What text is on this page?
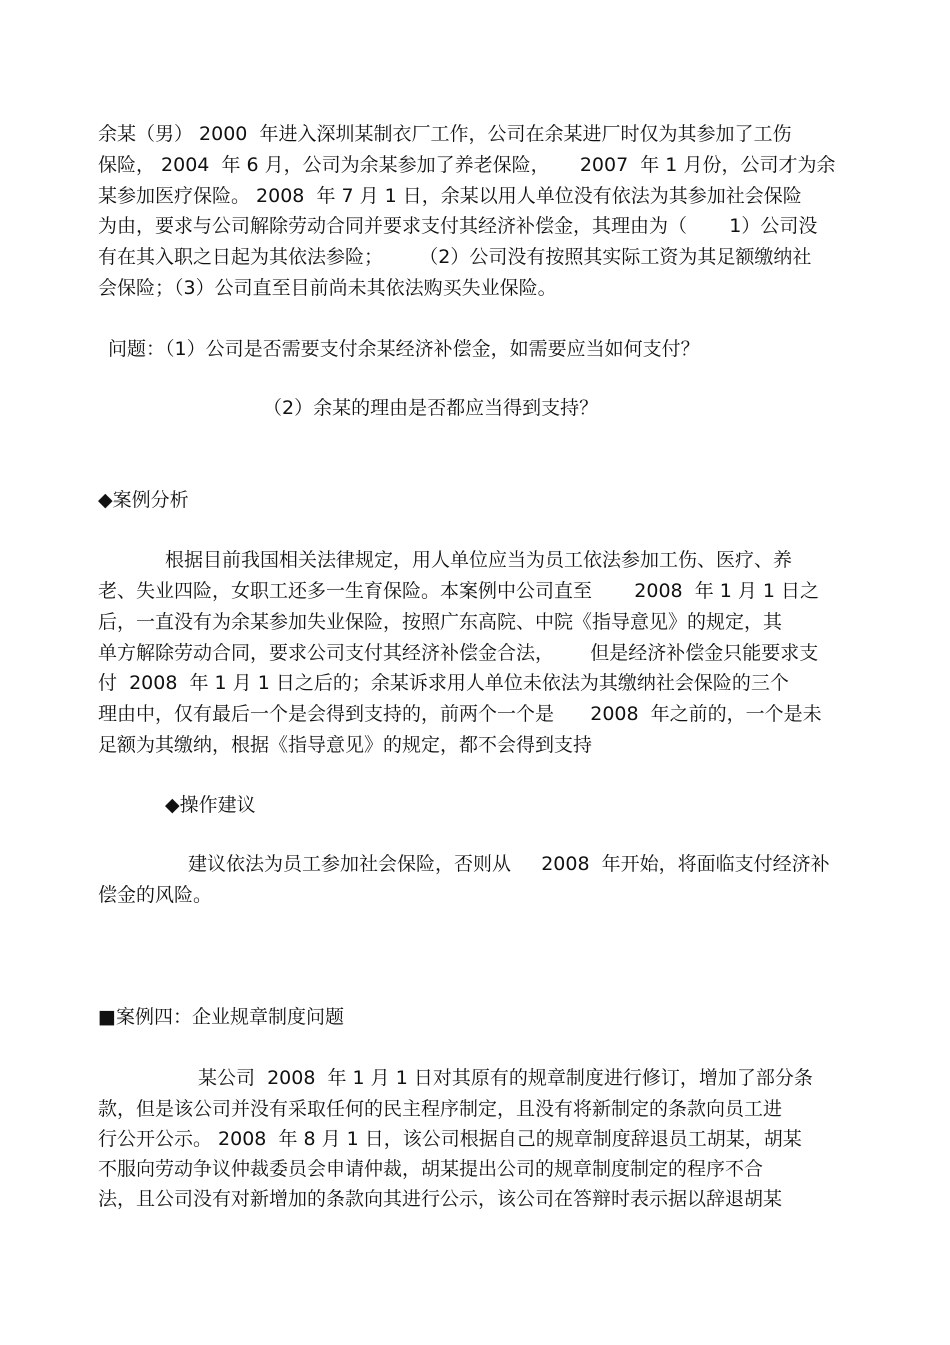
余某（男） 2000  年进入深圳某制衣厂工作，公司在余某进厂时仅为其参加了工伤
保险， 2004  年 6 月，公司为余某参加了养老保险，     2007  年 1 月份，公司才为余
某参加医疗保险。 2008  年 7 月 1 日，余某以用人单位没有依法为其参加社会保险
为由，要求与公司解除劳动合同并要求支付其经济补偿金，其理由为（       1）公司没
有在其入职之日起为其依法参险；      （2）公司没有按照其实际工资为其足额缴纳社
会保险；（3）公司直至目前尚未其依法购买失业保险。
问题：（1）公司是否需要支付余某经济补偿金，如需要应当如何支付？
（2）余某的理由是否都应当得到支持？
◆案例分析
根据目前我国相关法律规定，用人单位应当为员工依法参加工伤、医疗、养
老、失业四险，女职工还多一生育保险。本案例中公司直至       2008  年 1 月 1 日之
后，一直没有为余某参加失业保险，按照广东高院、中院《指导意见》的规定，其
单方解除劳动合同，要求公司支付其经济补偿金合法，      但是经济补偿金只能要求支
付  2008  年 1 月 1 日之后的；余某诉求用人单位未依法为其缴纳社会保险的三个
理由中，仅有最后一个是会得到支持的，前两个一个是      2008  年之前的，一个是未
足额为其缴纳，根据《指导意见》的规定，都不会得到支持
◆操作建议
建议依法为员工参加社会保险，否则从     2008  年开始，将面临支付经济补
偿金的风险。
■案例四：企业规章制度问题
某公司  2008  年 1 月 1 日对其原有的规章制度进行修订，增加了部分条
款，但是该公司并没有采取任何的民主程序制定，且没有将新制定的条款向员工进
行公开公示。 2008  年 8 月 1 日，该公司根据自己的规章制度辞退员工胡某，胡某
不服向劳动争议仲裁委员会申请仲裁，胡某提出公司的规章制度制定的程序不合
法，且公司没有对新增加的条款向其进行公示，该公司在答辩时表示据以辞退胡某
